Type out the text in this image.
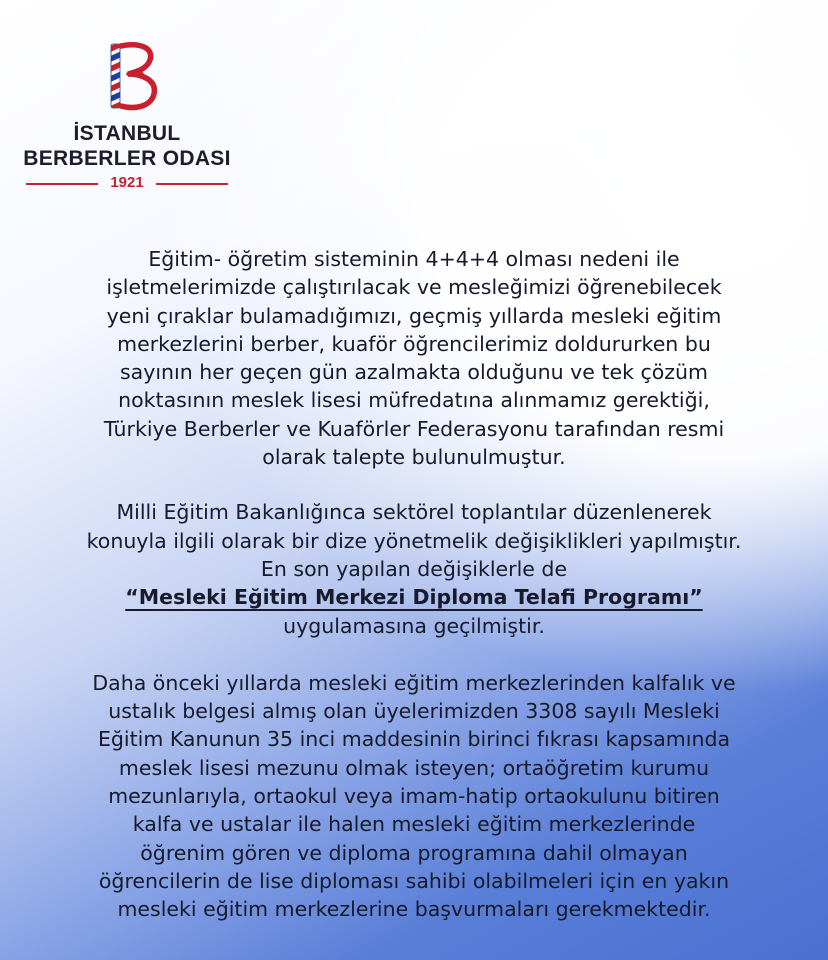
İSTANBUL
BERBERLER ODASI
1921

Eğitim- öğretim sisteminin 4+4+4 olması nedeni ile
işletmelerimizde çalıştırılacak ve mesleğimizi öğrenebilecek
yeni çıraklar bulamadığımızı, geçmiş yıllarda mesleki eğitim
merkezlerini berber, kuaför öğrencilerimiz doldururken bu
sayının her geçen gün azalmakta olduğunu ve tek çözüm
noktasının meslek lisesi müfredatına alınmamız gerektiği,
Türkiye Berberler ve Kuaförler Federasyonu tarafından resmi
olarak talepte bulunulmuştur.

Milli Eğitim Bakanlığınca sektörel toplantılar düzenlenerek
konuyla ilgili olarak bir dize yönetmelik değişiklikleri yapılmıştır.
En son yapılan değişiklerle de
“Mesleki Eğitim Merkezi Diploma Telafi Programı”
uygulamasına geçilmiştir.

Daha önceki yıllarda mesleki eğitim merkezlerinden kalfalık ve
ustalık belgesi almış olan üyelerimizden 3308 sayılı Mesleki
Eğitim Kanunun 35 inci maddesinin birinci fıkrası kapsamında
meslek lisesi mezunu olmak isteyen; ortaöğretim kurumu
mezunlarıyla, ortaokul veya imam-hatip ortaokulunu bitiren
kalfa ve ustalar ile halen mesleki eğitim merkezlerinde
öğrenim gören ve diploma programına dahil olmayan
öğrencilerin de lise diploması sahibi olabilmeleri için en yakın
mesleki eğitim merkezlerine başvurmaları gerekmektedir.
